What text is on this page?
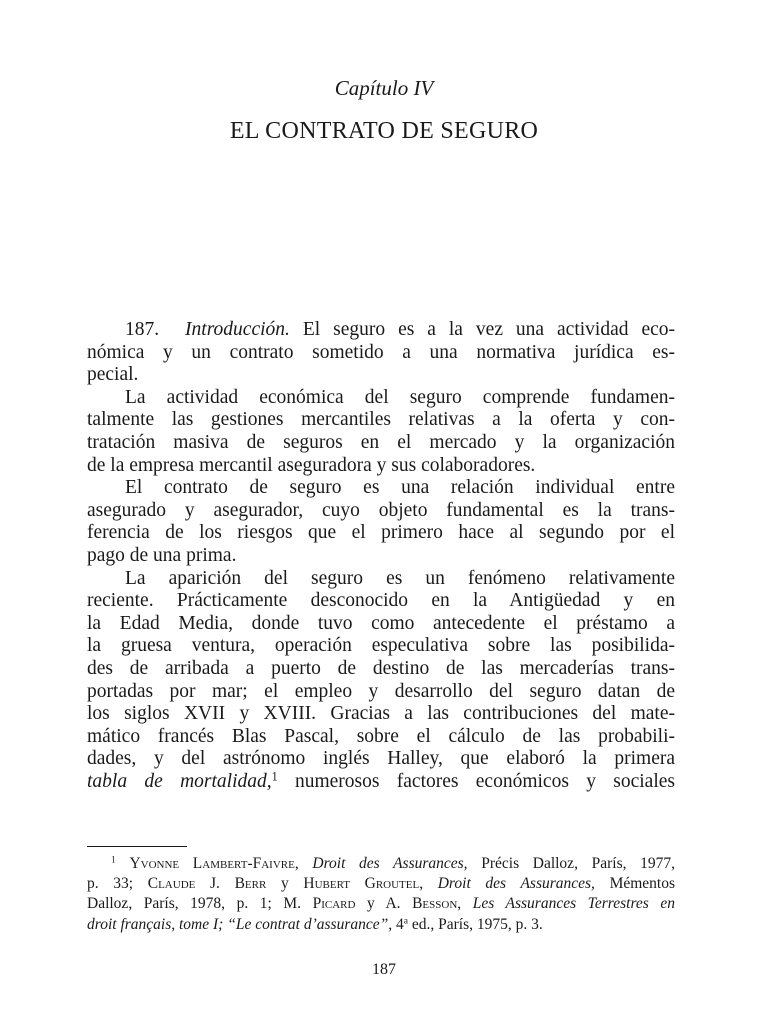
Capítulo IV
EL CONTRATO DE SEGURO
187. Introducción. El seguro es a la vez una actividad eco-
nómica y un contrato sometido a una normativa jurídica es-
pecial.
La actividad económica del seguro comprende fundamen-
talmente las gestiones mercantiles relativas a la oferta y con-
tratación masiva de seguros en el mercado y la organización
de la empresa mercantil aseguradora y sus colaboradores.
El contrato de seguro es una relación individual entre
asegurado y asegurador, cuyo objeto fundamental es la trans-
ferencia de los riesgos que el primero hace al segundo por el
pago de una prima.
La aparición del seguro es un fenómeno relativamente
reciente. Prácticamente desconocido en la Antigüedad y en
la Edad Media, donde tuvo como antecedente el préstamo a
la gruesa ventura, operación especulativa sobre las posibilida-
des de arribada a puerto de destino de las mercaderías trans-
portadas por mar; el empleo y desarrollo del seguro datan de
los siglos XVII y XVIII. Gracias a las contribuciones del mate-
mático francés Blas Pascal, sobre el cálculo de las probabili-
dades, y del astrónomo inglés Halley, que elaboró la primera
tabla de mortalidad,$^1$ numerosos factores económicos y sociales
$^1$ Yvonne Lambert-Faivre, Droit des Assurances, Précis Dalloz, París, 1977,
p. 33; Claude J. Berr y Hubert Groutel, Droit des Assurances, Mémentos
Dalloz, París, 1978, p. 1; M. Picard y A. Besson, Les Assurances Terrestres en
droit français, tome I; “Le contrat d’assurance”, 4$^a$ ed., París, 1975, p. 3.
187
